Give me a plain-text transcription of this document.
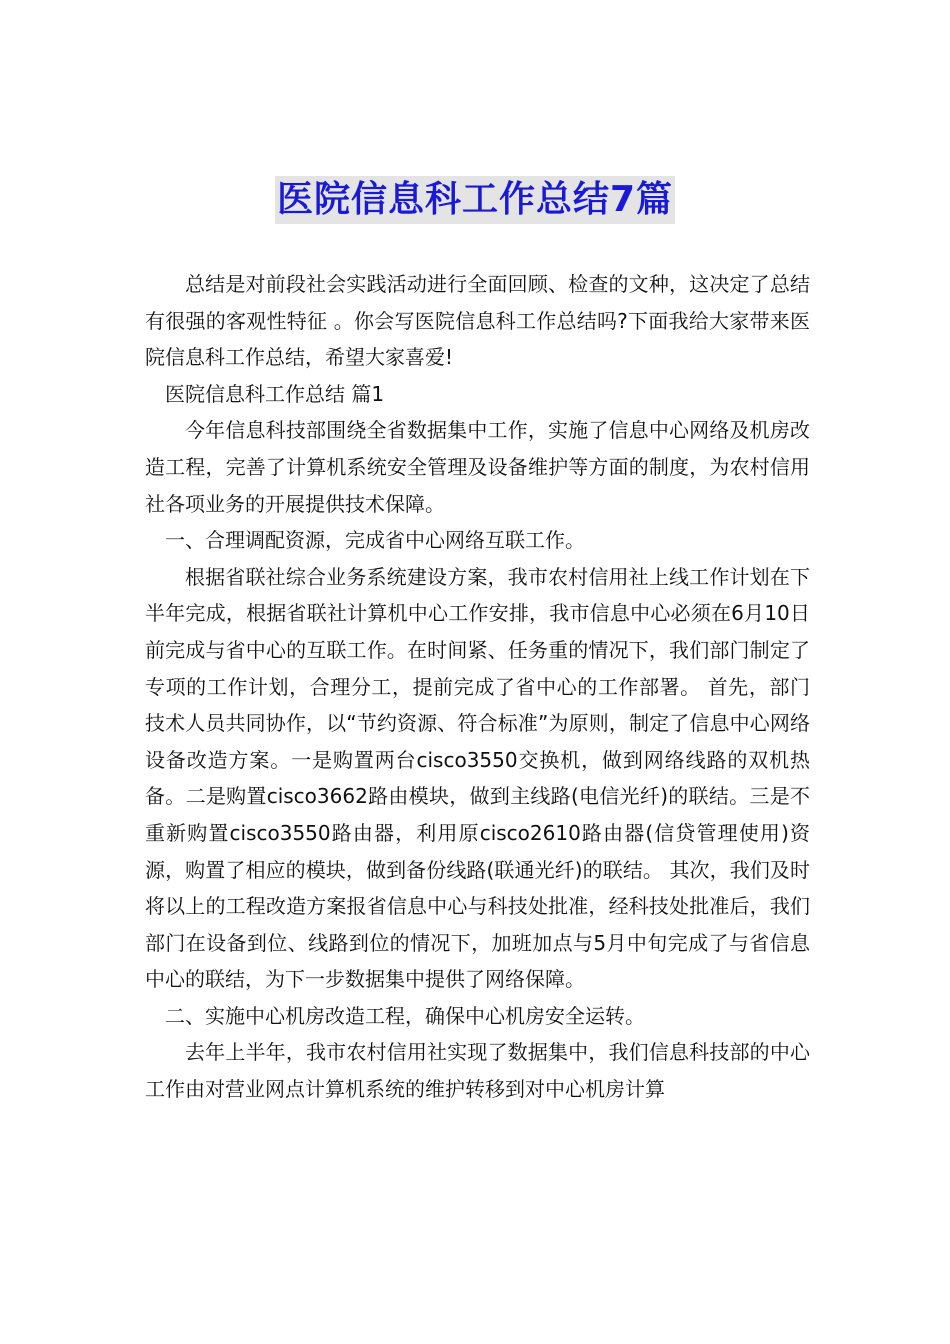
医院信息科工作总结7篇

总结是对前段社会实践活动进行全面回顾、检查的文种，这决定了总结有很强的客观性特征 。你会写医院信息科工作总结吗?下面我给大家带来医院信息科工作总结，希望大家喜爱!

医院信息科工作总结 篇1

今年信息科技部围绕全省数据集中工作，实施了信息中心网络及机房改造工程，完善了计算机系统安全管理及设备维护等方面的制度，为农村信用社各项业务的开展提供技术保障。

一、合理调配资源，完成省中心网络互联工作。

根据省联社综合业务系统建设方案，我市农村信用社上线工作计划在下半年完成，根据省联社计算机中心工作安排，我市信息中心必须在6月10日前完成与省中心的互联工作。在时间紧、任务重的情况下，我们部门制定了专项的工作计划，合理分工，提前完成了省中心的工作部署。 首先，部门技术人员共同协作，以“节约资源、符合标准”为原则，制定了信息中心网络设备改造方案。一是购置两台cisco3550交换机，做到网络线路的双机热备。二是购置cisco3662路由模块，做到主线路(电信光纤)的联结。三是不重新购置cisco3550路由器，利用原cisco2610路由器(信贷管理使用)资源，购置了相应的模块，做到备份线路(联通光纤)的联结。 其次，我们及时将以上的工程改造方案报省信息中心与科技处批准，经科技处批准后，我们部门在设备到位、线路到位的情况下，加班加点与5月中旬完成了与省信息中心的联结，为下一步数据集中提供了网络保障。

二、实施中心机房改造工程，确保中心机房安全运转。

去年上半年，我市农村信用社实现了数据集中，我们信息科技部的中心工作由对营业网点计算机系统的维护转移到对中心机房计算
